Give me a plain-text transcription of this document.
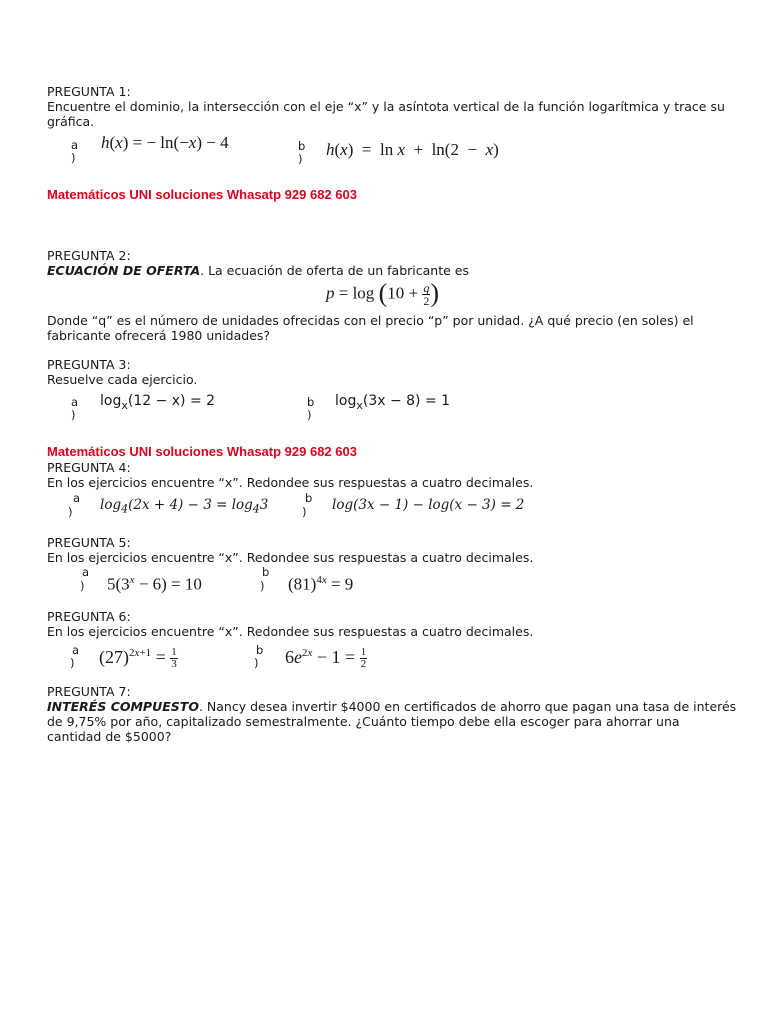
PREGUNTA 1:
Encuentre el dominio, la intersección con el eje “x” y la asíntota vertical de la función logarítmica y trace su
gráfica.
a
)
h(x) = − ln(−x) − 4	b
) h(x)  =  ln x  +  ln(2  −  x)
Matemáticos UNI soluciones Whasatp 929 682 603
PREGUNTA 2:
ECUACIÓN DE OFERTA. La ecuación de oferta de un fabricante es
$p = \log (10 + \frac{q}{2}$ )
Donde “q” es el número de unidades ofrecidas con el precio “p” por unidad. ¿A qué precio (en soles) el
fabricante ofrecerá 1980 unidades?
PREGUNTA 3:
Resuelve cada ejercicio.
a
)
$\log_x(12 - x) = 2$	b
)
$\log_x(3x - 8) = 1$
Matemáticos UNI soluciones Whasatp 929 682 603
PREGUNTA 4:
En los ejercicios encuentre “x”. Redondee sus respuestas a cuatro decimales.
a
) $\log_4(2x + 4) - 3 = \log_43$	b
) log(3x − 1) − log(x − 3) = 2
PREGUNTA 5:
En los ejercicios encuentre “x”. Redondee sus respuestas a cuatro decimales.
a
) $5(3^x - 6) = 10$
b
) $(81)^{4x} = 9$
PREGUNTA 6:
En los ejercicios encuentre “x”. Redondee sus respuestas a cuatro decimales.
a
) $(27)^{2x+1} = \frac{1}{3}$	b
) $6e^{2x} - 1 = \frac{1}{2}$
PREGUNTA 7:
INTERÉS COMPUESTO. Nancy desea invertir $4000 en certificados de ahorro que pagan una tasa de interés
de 9,75% por año, capitalizado semestralmente. ¿Cuánto tiempo debe ella escoger para ahorrar una
cantidad de $5000?
